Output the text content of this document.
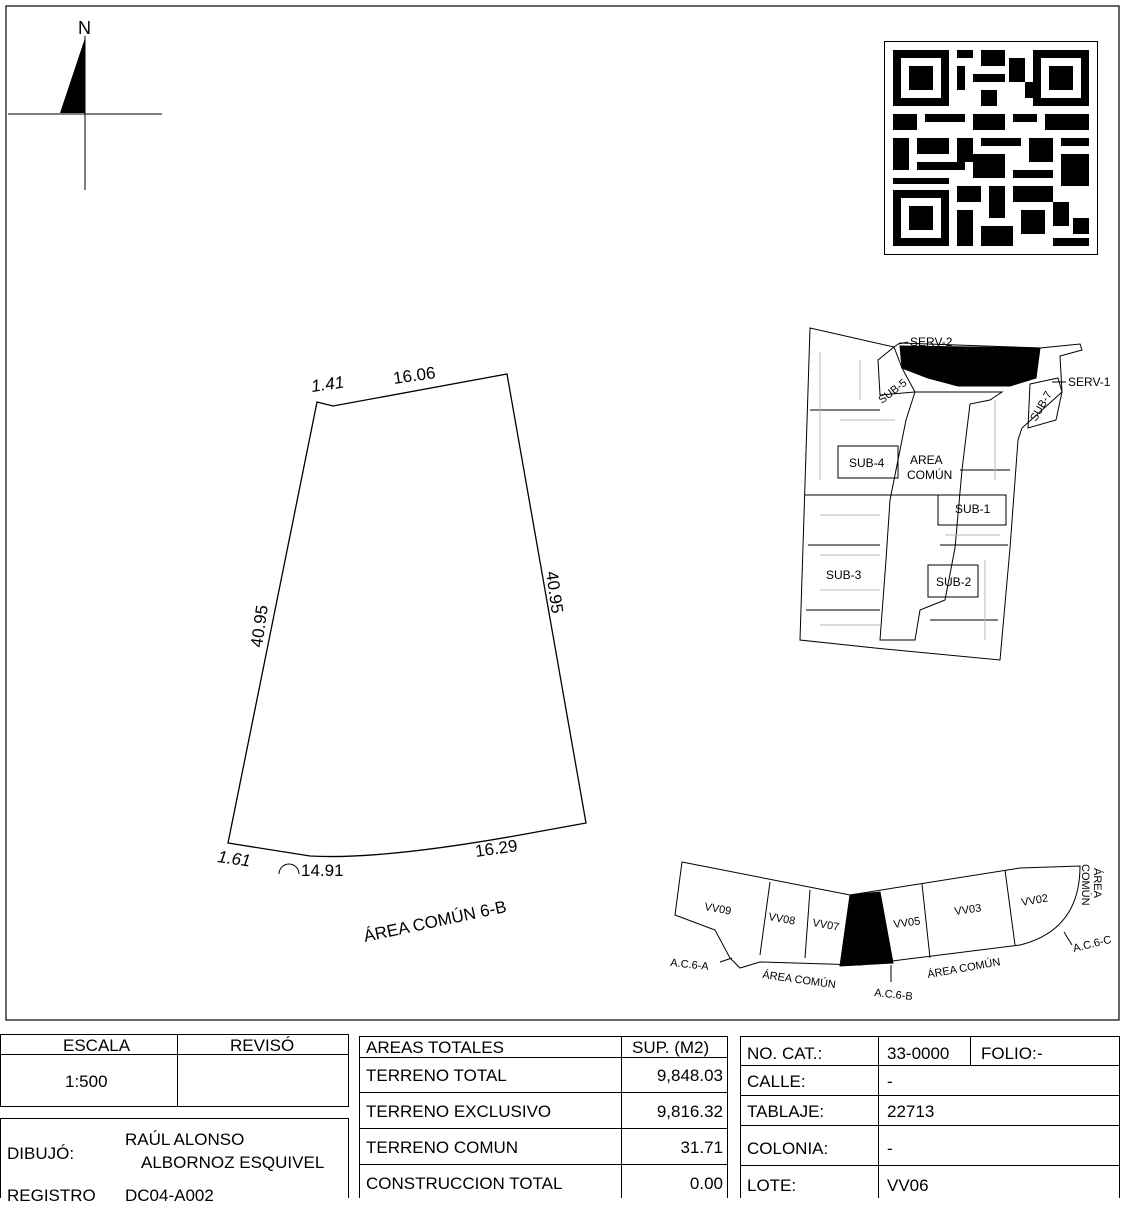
N
1.41	16.06
40.95
40.95
1.61	14.91
16.29
ÁREA COMÚN 6-B
SERV-2
SERV-1
SUB-5	SUB-7
SUB-4 AREA
COMÚN
SUB-1
SUB-3	SUB-2
VV09
VV08 VV07	VV05
VV03
VV02
ÁREA
COMÚN
A.C.6-A
ÁREA COMÚN
A.C.6-B
ÁREA COMÚN
A.C.6-C
ESCALA	REVISÓ
1:500
DIBUJÓ:
RAÚL ALONSO
ALBORNOZ ESQUIVEL
REGISTRO DC04-A002
AREAS TOTALES	SUP. (M2)
TERRENO TOTAL	9,848.03
TERRENO EXCLUSIVO	9,816.32
TERRENO COMUN	31.71
CONSTRUCCION TOTAL	0.00
NO. CAT.:	33-0000 FOLIO: -
CALLE:	-
TABLAJE:	22713
COLONIA:	-
LOTE:	VV06
